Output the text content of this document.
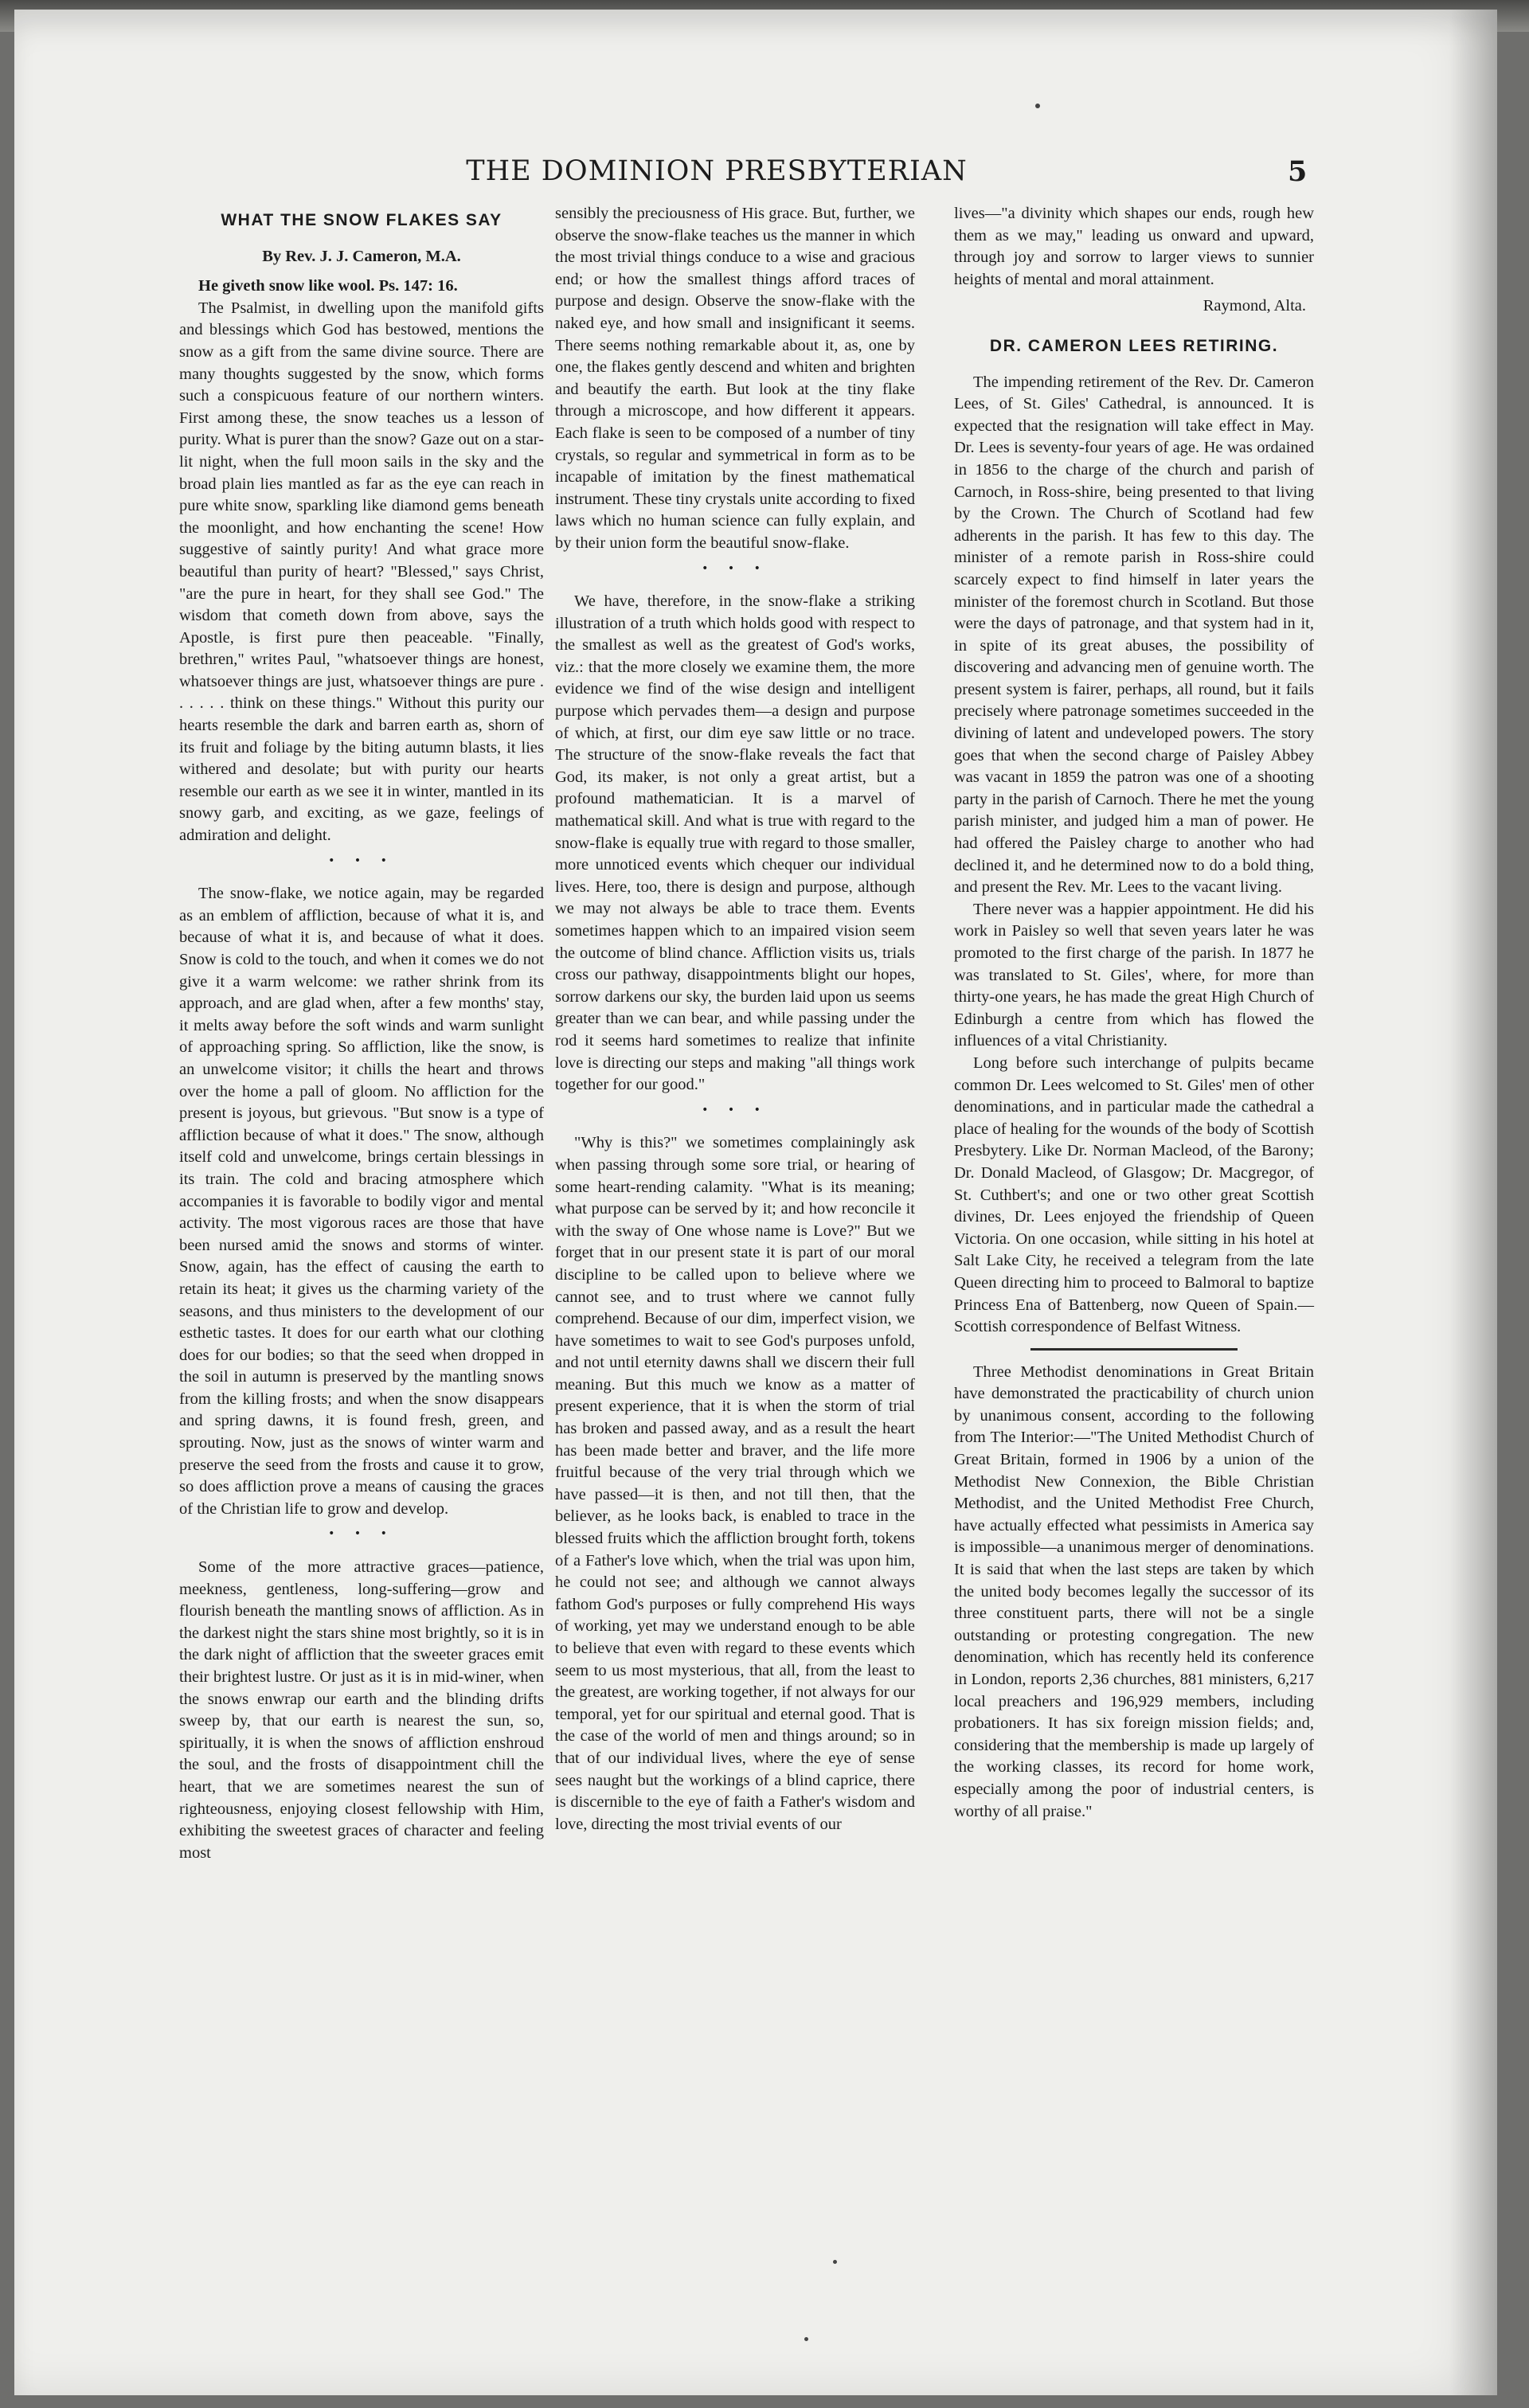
THE DOMINION PRESBYTERIAN	5
WHAT THE SNOW FLAKES SAY
By Rev. J. J. Cameron, M.A.

He giveth snow like wool. Ps. 147: 16.

The Psalmist, in dwelling upon the manifold gifts and blessings which God has bestowed, mentions the snow as a gift from the same divine source. There are many thoughts suggested by the snow, which forms such a conspicuous feature of our northern winters. First among these, the snow teaches us a lesson of purity. What is purer than the snow? Gaze out on a star-lit night, when the full moon sails in the sky and the broad plain lies mantled as far as the eye can reach in pure white snow, sparkling like diamond gems beneath the moonlight, and how enchanting the scene! How suggestive of saintly purity! And what grace more beautiful than purity of heart? "Blessed," says Christ, "are the pure in heart, for they shall see God." The wisdom that cometh down from above, says the Apostle, is first pure then peaceable. "Finally, brethren," writes Paul, "whatsoever things are honest, whatsoever things are just, whatsoever things are pure . . . . . . think on these things." Without this purity our hearts resemble the dark and barren earth as, shorn of its fruit and foliage by the biting autumn blasts, it lies withered and desolate; but with purity our hearts resemble our earth as we see it in winter, mantled in its snowy garb, and exciting, as we gaze, feelings of admiration and delight.

• • •

The snow-flake, we notice again, may be regarded as an emblem of affliction, because of what it is, and because of what it is, and because of what it does. Snow is cold to the touch, and when it comes we do not give it a warm welcome: we rather shrink from its approach, and are glad when, after a few months' stay, it melts away before the soft winds and warm sunlight of approaching spring. So affliction, like the snow, is an unwelcome visitor; it chills the heart and throws over the home a pall of gloom. No affliction for the present is joyous, but grievous. "But snow is a type of affliction because of what it does." The snow, although itself cold and unwelcome, brings certain blessings in its train. The cold and bracing atmosphere which accompanies it is favorable to bodily vigor and mental activity. The most vigorous races are those that have been nursed amid the snows and storms of winter. Snow, again, has the effect of causing the earth to retain its heat; it gives us the charming variety of the seasons, and thus ministers to the development of our esthetic tastes. It does for our earth what our clothing does for our bodies; so that the seed when dropped in the soil in autumn is preserved by the mantling snows from the killing frosts; and when the snow disappears and spring dawns, it is found fresh, green, and sprouting. Now, just as the snows of winter warm and preserve the seed from the frosts and cause it to grow, so does affliction prove a means of causing the graces of the Christian life to grow and develop.

• • •

Some of the more attractive graces—patience, meekness, gentleness, long-suffering—grow and flourish beneath the mantling snows of affliction. As in the darkest night the stars shine most brightly, so it is in the dark night of affliction that the sweeter graces emit their brightest lustre. Or just as it is in mid-winer, when the snows enwrap our earth and the blinding drifts sweep by, that our earth is nearest the sun, so, spiritually, it is when the snows of affliction enshroud the soul, and the frosts of disappointment chill the heart, that we are sometimes nearest the sun of righteousness, enjoying closest fellowship with Him, exhibiting the sweetest graces of character and feeling most

sensibly the preciousness of His grace. But, further, we observe the snow-flake teaches us the manner in which the most trivial things conduce to a wise and gracious end; or how the smallest things afford traces of purpose and design. Observe the snow-flake with the naked eye, and how small and insignificant it seems. There seems nothing remarkable about it, as, one by one, the flakes gently descend and whiten and brighten and beautify the earth. But look at the tiny flake through a microscope, and how different it appears. Each flake is seen to be composed of a number of tiny crystals, so regular and symmetrical in form as to be incapable of imitation by the finest mathematical instrument. These tiny crystals unite according to fixed laws which no human science can fully explain, and by their union form the beautiful snow-flake.

• • •

We have, therefore, in the snow-flake a striking illustration of a truth which holds good with respect to the smallest as well as the greatest of God's works, viz.: that the more closely we examine them, the more evidence we find of the wise design and intelligent purpose which pervades them—a design and purpose of which, at first, our dim eye saw little or no trace. The structure of the snow-flake reveals the fact that God, its maker, is not only a great artist, but a profound mathematician. It is a marvel of mathematical skill. And what is true with regard to the snow-flake is equally true with regard to those smaller, more unnoticed events which chequer our individual lives. Here, too, there is design and purpose, although we may not always be able to trace them. Events sometimes happen which to an impaired vision seem the outcome of blind chance. Affliction visits us, trials cross our pathway, disappointments blight our hopes, sorrow darkens our sky, the burden laid upon us seems greater than we can bear, and while passing under the rod it seems hard sometimes to realize that infinite love is directing our steps and making "all things work together for our good."

• • •

"Why is this?" we sometimes complainingly ask when passing through some sore trial, or hearing of some heart-rending calamity. "What is its meaning; what purpose can be served by it; and how reconcile it with the sway of One whose name is Love?" But we forget that in our present state it is part of our moral discipline to be called upon to believe where we cannot see, and to trust where we cannot fully comprehend. Because of our dim, imperfect vision, we have sometimes to wait to see God's purposes unfold, and not until eternity dawns shall we discern their full meaning. But this much we know as a matter of present experience, that it is when the storm of trial has broken and passed away, and as a result the heart has been made better and braver, and the life more fruitful because of the very trial through which we have passed—it is then, and not till then, that the believer, as he looks back, is enabled to trace in the blessed fruits which the affliction brought forth, tokens of a Father's love which, when the trial was upon him, he could not see; and although we cannot always fathom God's purposes or fully comprehend His ways of working, yet may we understand enough to be able to believe that even with regard to these events which seem to us most mysterious, that all, from the least to the greatest, are working together, if not always for our temporal, yet for our spiritual and eternal good. That is the case of the world of men and things around; so in that of our individual lives, where the eye of sense sees naught but the workings of a blind caprice, there is discernible to the eye of faith a Father's wisdom and love, directing the most trivial events of our

lives—"a divinity which shapes our ends, rough hew them as we may," leading us onward and upward, through joy and sorrow to larger views to sunnier heights of mental and moral attainment.

Raymond, Alta.
DR. CAMERON LEES RETIRING.

The impending retirement of the Rev. Dr. Cameron Lees, of St. Giles' Cathedral, is announced. It is expected that the resignation will take effect in May. Dr. Lees is seventy-four years of age. He was ordained in 1856 to the charge of the church and parish of Carnoch, in Ross-shire, being presented to that living by the Crown. The Church of Scotland had few adherents in the parish. It has few to this day. The minister of a remote parish in Ross-shire could scarcely expect to find himself in later years the minister of the foremost church in Scotland. But those were the days of patronage, and that system had in it, in spite of its great abuses, the possibility of discovering and advancing men of genuine worth. The present system is fairer, perhaps, all round, but it fails precisely where patronage sometimes succeeded in the divining of latent and undeveloped powers. The story goes that when the second charge of Paisley Abbey was vacant in 1859 the patron was one of a shooting party in the parish of Carnoch. There he met the young parish minister, and judged him a man of power. He had offered the Paisley charge to another who had declined it, and he determined now to do a bold thing, and present the Rev. Mr. Lees to the vacant living.

There never was a happier appointment. He did his work in Paisley so well that seven years later he was promoted to the first charge of the parish. In 1877 he was translated to St. Giles', where, for more than thirty-one years, he has made the great High Church of Edinburgh a centre from which has flowed the influences of a vital Christianity.

Long before such interchange of pulpits became common Dr. Lees welcomed to St. Giles' men of other denominations, and in particular made the cathedral a place of healing for the wounds of the body of Scottish Presbytery. Like Dr. Norman Macleod, of the Barony; Dr. Donald Macleod, of Glasgow; Dr. Macgregor, of St. Cuthbert's; and one or two other great Scottish divines, Dr. Lees enjoyed the friendship of Queen Victoria. On one occasion, while sitting in his hotel at Salt Lake City, he received a telegram from the late Queen directing him to proceed to Balmoral to baptize Princess Ena of Battenberg, now Queen of Spain.—Scottish correspondence of Belfast Witness.

Three Methodist denominations in Great Britain have demonstrated the practicability of church union by unanimous consent, according to the following from The Interior:—"The United Methodist Church of Great Britain, formed in 1906 by a union of the Methodist New Connexion, the Bible Christian Methodist, and the United Methodist Free Church, have actually effected what pessimists in America say is impossible—a unanimous merger of denominations. It is said that when the last steps are taken by which the united body becomes legally the successor of its three constituent parts, there will not be a single outstanding or protesting congregation. The new denomination, which has recently held its conference in London, reports 2,36 churches, 881 ministers, 6,217 local preachers and 196,929 members, including probationers. It has six foreign mission fields; and, considering that the membership is made up largely of the working classes, its record for home work, especially among the poor of industrial centers, is worthy of all praise."
